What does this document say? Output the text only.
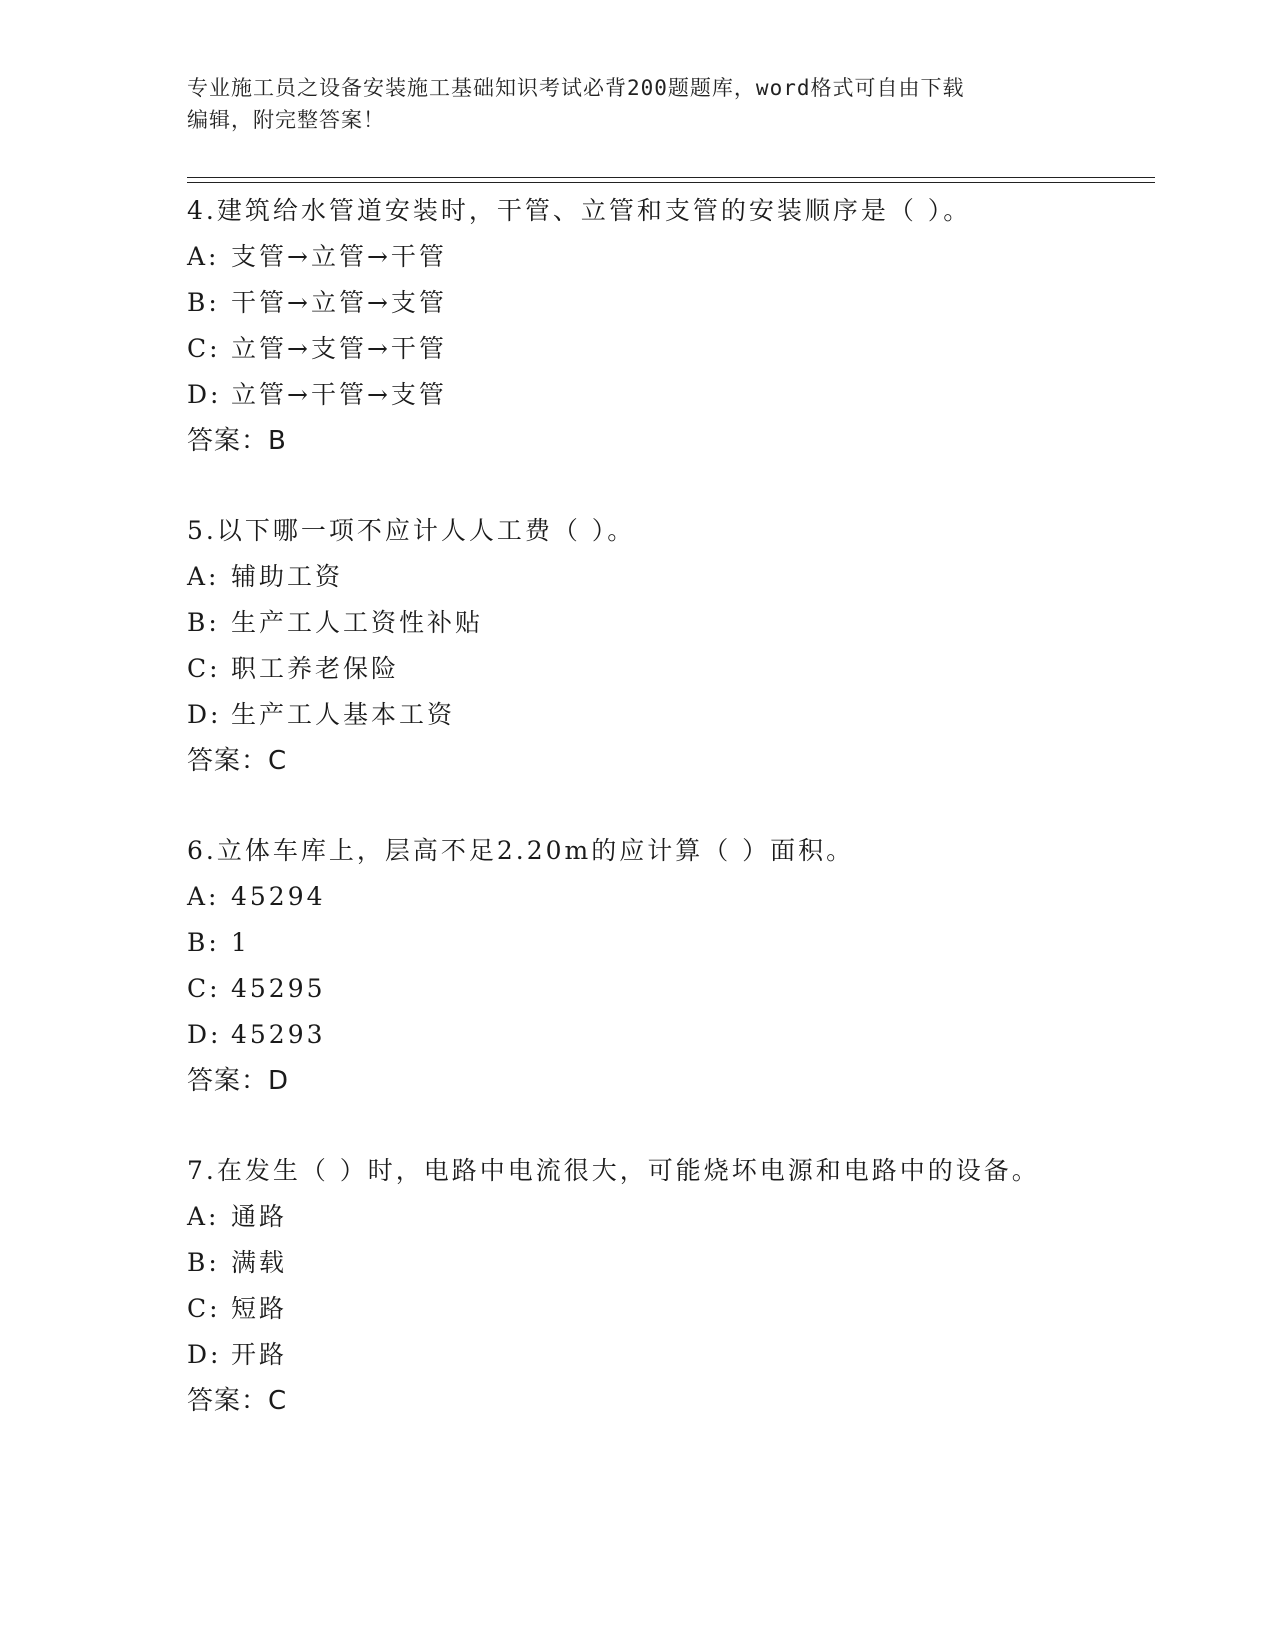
专业施工员之设备安装施工基础知识考试必背200题题库，word格式可自由下载
编辑，附完整答案！
4.建筑给水管道安装时，干管、立管和支管的安装顺序是（ ）。
A: 支管→立管→干管
B: 干管→立管→支管
C: 立管→支管→干管
D: 立管→干管→支管
答案：B
5.以下哪一项不应计人人工费（ ）。
A: 辅助工资
B: 生产工人工资性补贴
C: 职工养老保险
D: 生产工人基本工资
答案：C
6.立体车库上，层高不足2.20m的应计算（ ）面积。
A: 45294
B: 1
C: 45295
D: 45293
答案：D
7.在发生（ ）时，电路中电流很大，可能烧坏电源和电路中的设备。
A: 通路
B: 满载
C: 短路
D: 开路
答案：C
